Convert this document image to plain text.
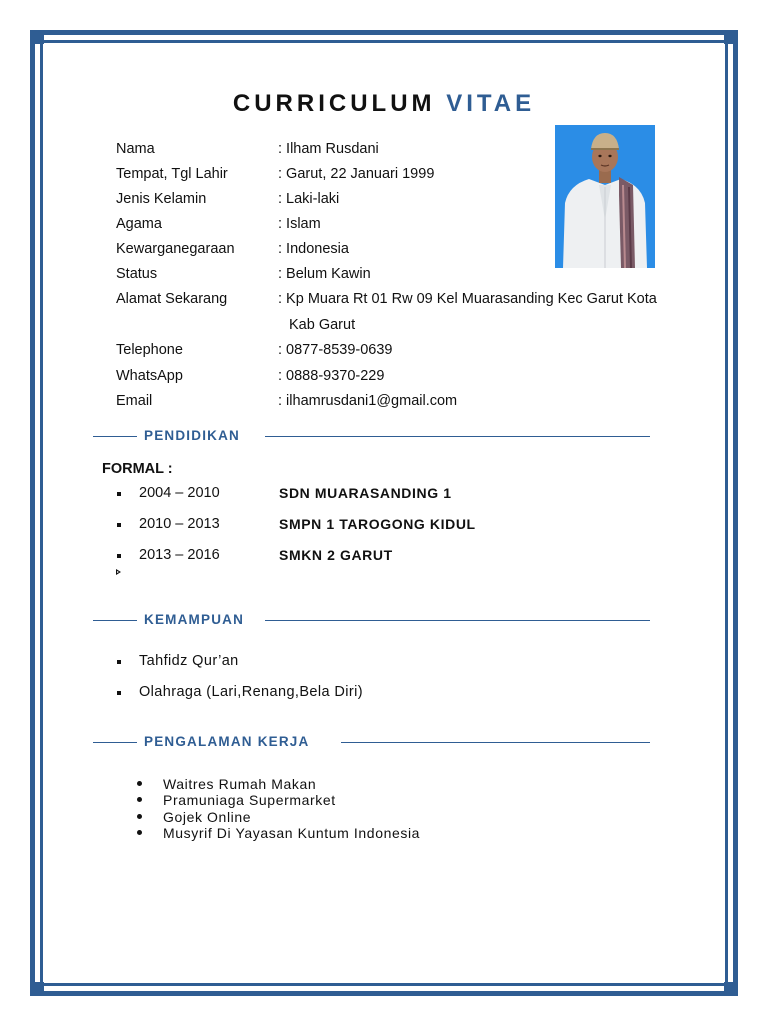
CURRICULUM VITAE
Nama	: Ilham Rusdani
Tempat, Tgl Lahir	: Garut, 22 Januari 1999
Jenis Kelamin	: Laki-laki
Agama	: Islam
Kewarganegaraan	: Indonesia
Status	: Belum Kawin
Alamat Sekarang	: Kp Muara Rt 01 Rw 09 Kel Muarasanding Kec Garut Kota
Kab Garut
Telephone	: 0877-8539-0639
WhatsApp	: 0888-9370-229
Email	: ilhamrusdani1@gmail.com
PENDIDIKAN
FORMAL :
2004 – 2010	SDN MUARASANDING 1
2010 – 2013	SMPN 1 TAROGONG KIDUL
2013 – 2016	SMKN 2 GARUT
KEMAMPUAN
Tahfidz Qur’an
Olahraga (Lari,Renang,Bela Diri)
PENGALAMAN KERJA
Waitres Rumah Makan
Pramuniaga Supermarket
Gojek Online
Musyrif Di Yayasan Kuntum Indonesia
